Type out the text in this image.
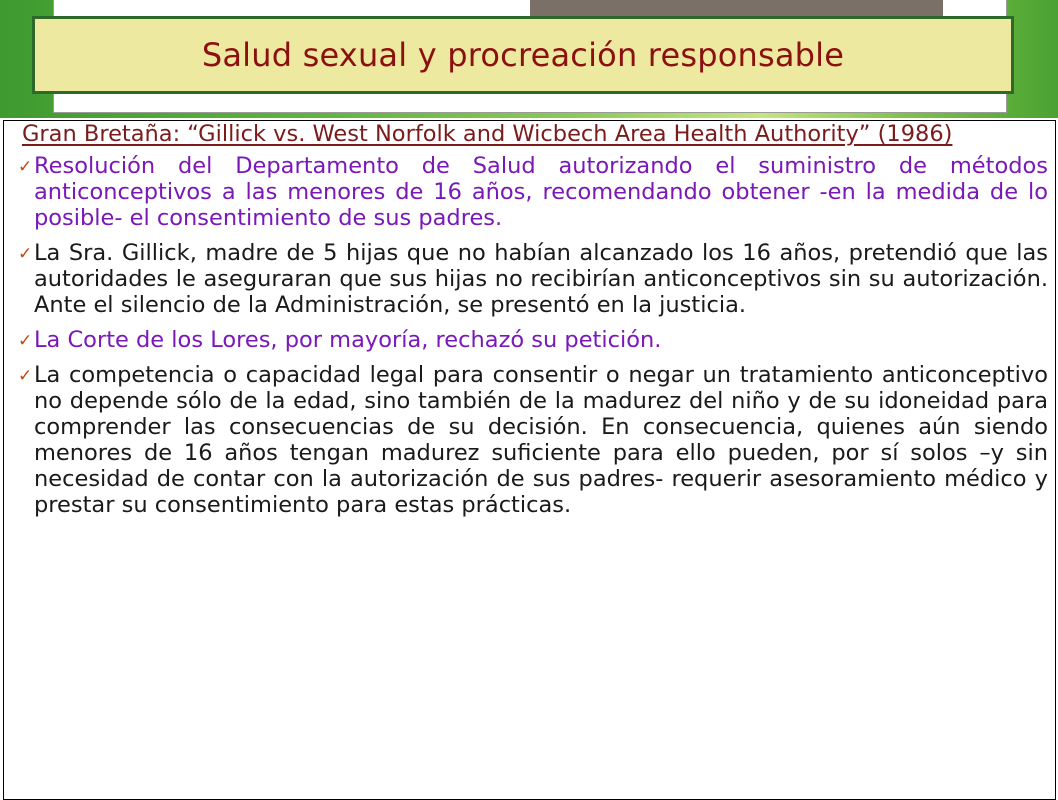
Salud sexual y procreación responsable

Gran Bretaña: “Gillick vs. West Norfolk and Wicbech Area Health Authority” (1986)

✓ Resolución del Departamento de Salud autorizando el suministro de métodos anticonceptivos a las menores de 16 años, recomendando obtener -en la medida de lo posible- el consentimiento de sus padres.

✓ La Sra. Gillick, madre de 5 hijas que no habían alcanzado los 16 años, pretendió que las autoridades le aseguraran que sus hijas no recibirían anticonceptivos sin su autorización. Ante el silencio de la Administración, se presentó en la justicia.

✓ La Corte de los Lores, por mayoría, rechazó su petición.

✓ La competencia o capacidad legal para consentir o negar un tratamiento anticonceptivo no depende sólo de la edad, sino también de la madurez del niño y de su idoneidad para comprender las consecuencias de su decisión. En consecuencia, quienes aún siendo menores de 16 años tengan madurez suficiente para ello pueden, por sí solos –y sin necesidad de contar con la autorización de sus padres- requerir asesoramiento médico y prestar su consentimiento para estas prácticas.
